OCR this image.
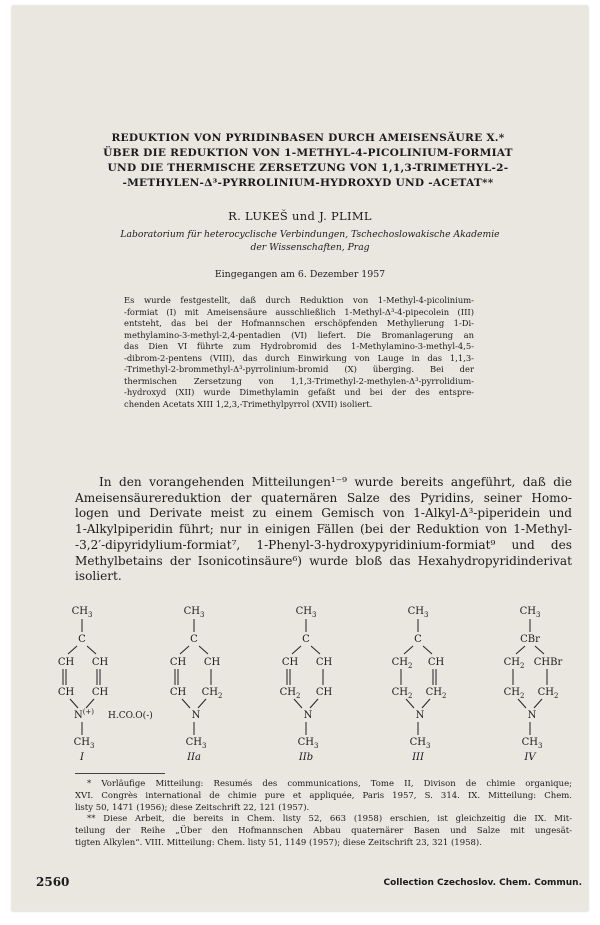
REDUKTION VON PYRIDINBASEN DURCH AMEISENSÄURE X.*
ÜBER DIE REDUKTION VON 1-METHYL-4-PICOLINIUM-FORMIAT
UND DIE THERMISCHE ZERSETZUNG VON 1,1,3-TRIMETHYL-2-
-METHYLEN-Δ³-PYRROLINIUM-HYDROXYD UND -ACETAT**
R. LUKEŠ und J. PLIML
Laboratorium für heterocyclische Verbindungen, Tschechoslowakische Akademie
der Wissenschaften, Prag
Eingegangen am 6. Dezember 1957
Es wurde festgestellt, daß durch Reduktion von 1-Methyl-4-picolinium-
-formiat (I) mit Ameisensäure ausschließlich 1-Methyl-Δ³-4-pipecolein (III)
entsteht, das bei der Hofmannschen erschöpfenden Methylierung 1-Di-
methylamino-3-methyl-2,4-pentadien (VI) liefert. Die Bromanlagerung an
das Dien VI führte zum Hydrobromid des 1-Methylamino-3-methyl-4,5-
-dibrom-2-pentens (VIII), das durch Einwirkung von Lauge in das 1,1,3-
-Trimethyl-2-brommethyl-Δ³-pyrrolinium-bromid (X) überging. Bei der
thermischen Zersetzung von 1,1,3-Trimethyl-2-methylen-Δ³-pyrrolidium-
-hydroxyd (XII) wurde Dimethylamin gefaßt und bei der des entspre-
chenden Acetats XIII 1,2,3,-Trimethylpyrrol (XVII) isoliert.
In den vorangehenden Mitteilungen¹⁻⁹ wurde bereits angeführt, daß die
Ameisensäurereduktion der quaternären Salze des Pyridins, seiner Homo-
logen und Derivate meist zu einem Gemisch von 1-Alkyl-Δ³-piperidein und
1-Alkylpiperidin führt; nur in einigen Fällen (bei der Reduktion von 1-Methyl-
-3,2′-dipyridylium-formiat⁷, 1-Phenyl-3-hydroxypyridinium-formiat⁹ und des
Methylbetains der Isonicotinsäure⁶) wurde bloß das Hexahydropyridinderivat
isoliert.
$CH_3$
C
CH CH
CH CH
N(+)
$CH_3$
H.CO.O(-)
I
$CH_3$
C
CH CH
CH $CH_2$
N
$CH_3$
IIa
$CH_3$
C
CH CH
$CH_2$ CH
N
$CH_3$
IIb
$CH_3$
C
$CH_2$ CH
$CH_2$ $CH_2$
N
$CH_3$
III
$CH_3$
CBr
$CH_2$ CHBr
$CH_2$ $CH_2$
N
$CH_3$
IV
* Vorläufige Mitteilung: Resumés des communications, Tome II, Divison de chimie organique;
XVI. Congrès international de chimie pure et appliquée, Paris 1957, S. 314. IX. Mitteilung: Chem.
listy 50, 1471 (1956); diese Zeitschrift 22, 121 (1957).
** Diese Arbeit, die bereits in Chem. listy 52, 663 (1958) erschien, ist gleichzeitig die IX. Mit-
teilung der Reihe „Über den Hofmannschen Abbau quaternärer Basen und Salze mit ungesät-
tigten Alkylen“. VIII. Mitteilung: Chem. listy 51, 1149 (1957); diese Zeitschrift 23, 321 (1958).
2560	Collection Czechoslov. Chem. Commun.
